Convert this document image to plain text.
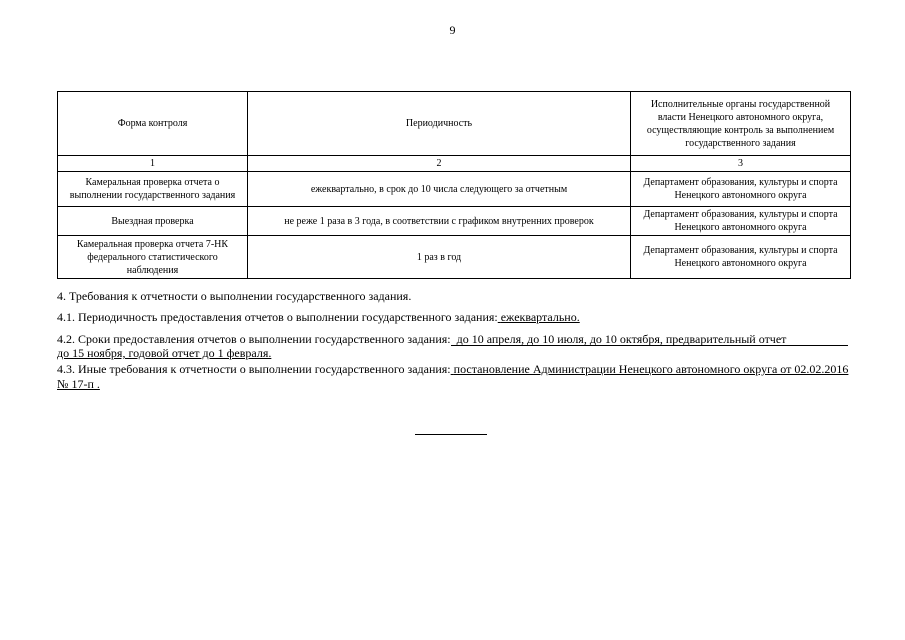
9
Форма контроля	Периодичность	Исполнительные органы государственной
власти Ненецкого автономного округа,
осуществляющие контроль за выполнением
государственного задания
1	2	3
Камеральная проверка отчета о
выполнении государственного задания	ежеквартально, в срок до 10 числа следующего за отчетным	Департамент образования, культуры и спорта
Ненецкого автономного округа
Выездная проверка	не реже 1 раза в 3 года, в соответствии с графиком внутренних проверок	Департамент образования, культуры и спорта
Ненецкого автономного округа
Камеральная проверка отчета 7-НК
федерального статистического
наблюдения	1 раз в год	Департамент образования, культуры и спорта
Ненецкого автономного округа
4. Требования к отчетности о выполнении государственного задания.
4.1. Периодичность предоставления отчетов о выполнении государственного задания: ежеквартально.
4.2. Сроки предоставления отчетов о выполнении государственного задания: до 10 апреля, до 10 июля, до 10 октября, предварительный отчет
до 15 ноября, годовой отчет до 1 февраля.
4.3. Иные требования к отчетности о выполнении государственного задания: постановление Администрации Ненецкого автономного округа от 02.02.2016
№ 17-п .
